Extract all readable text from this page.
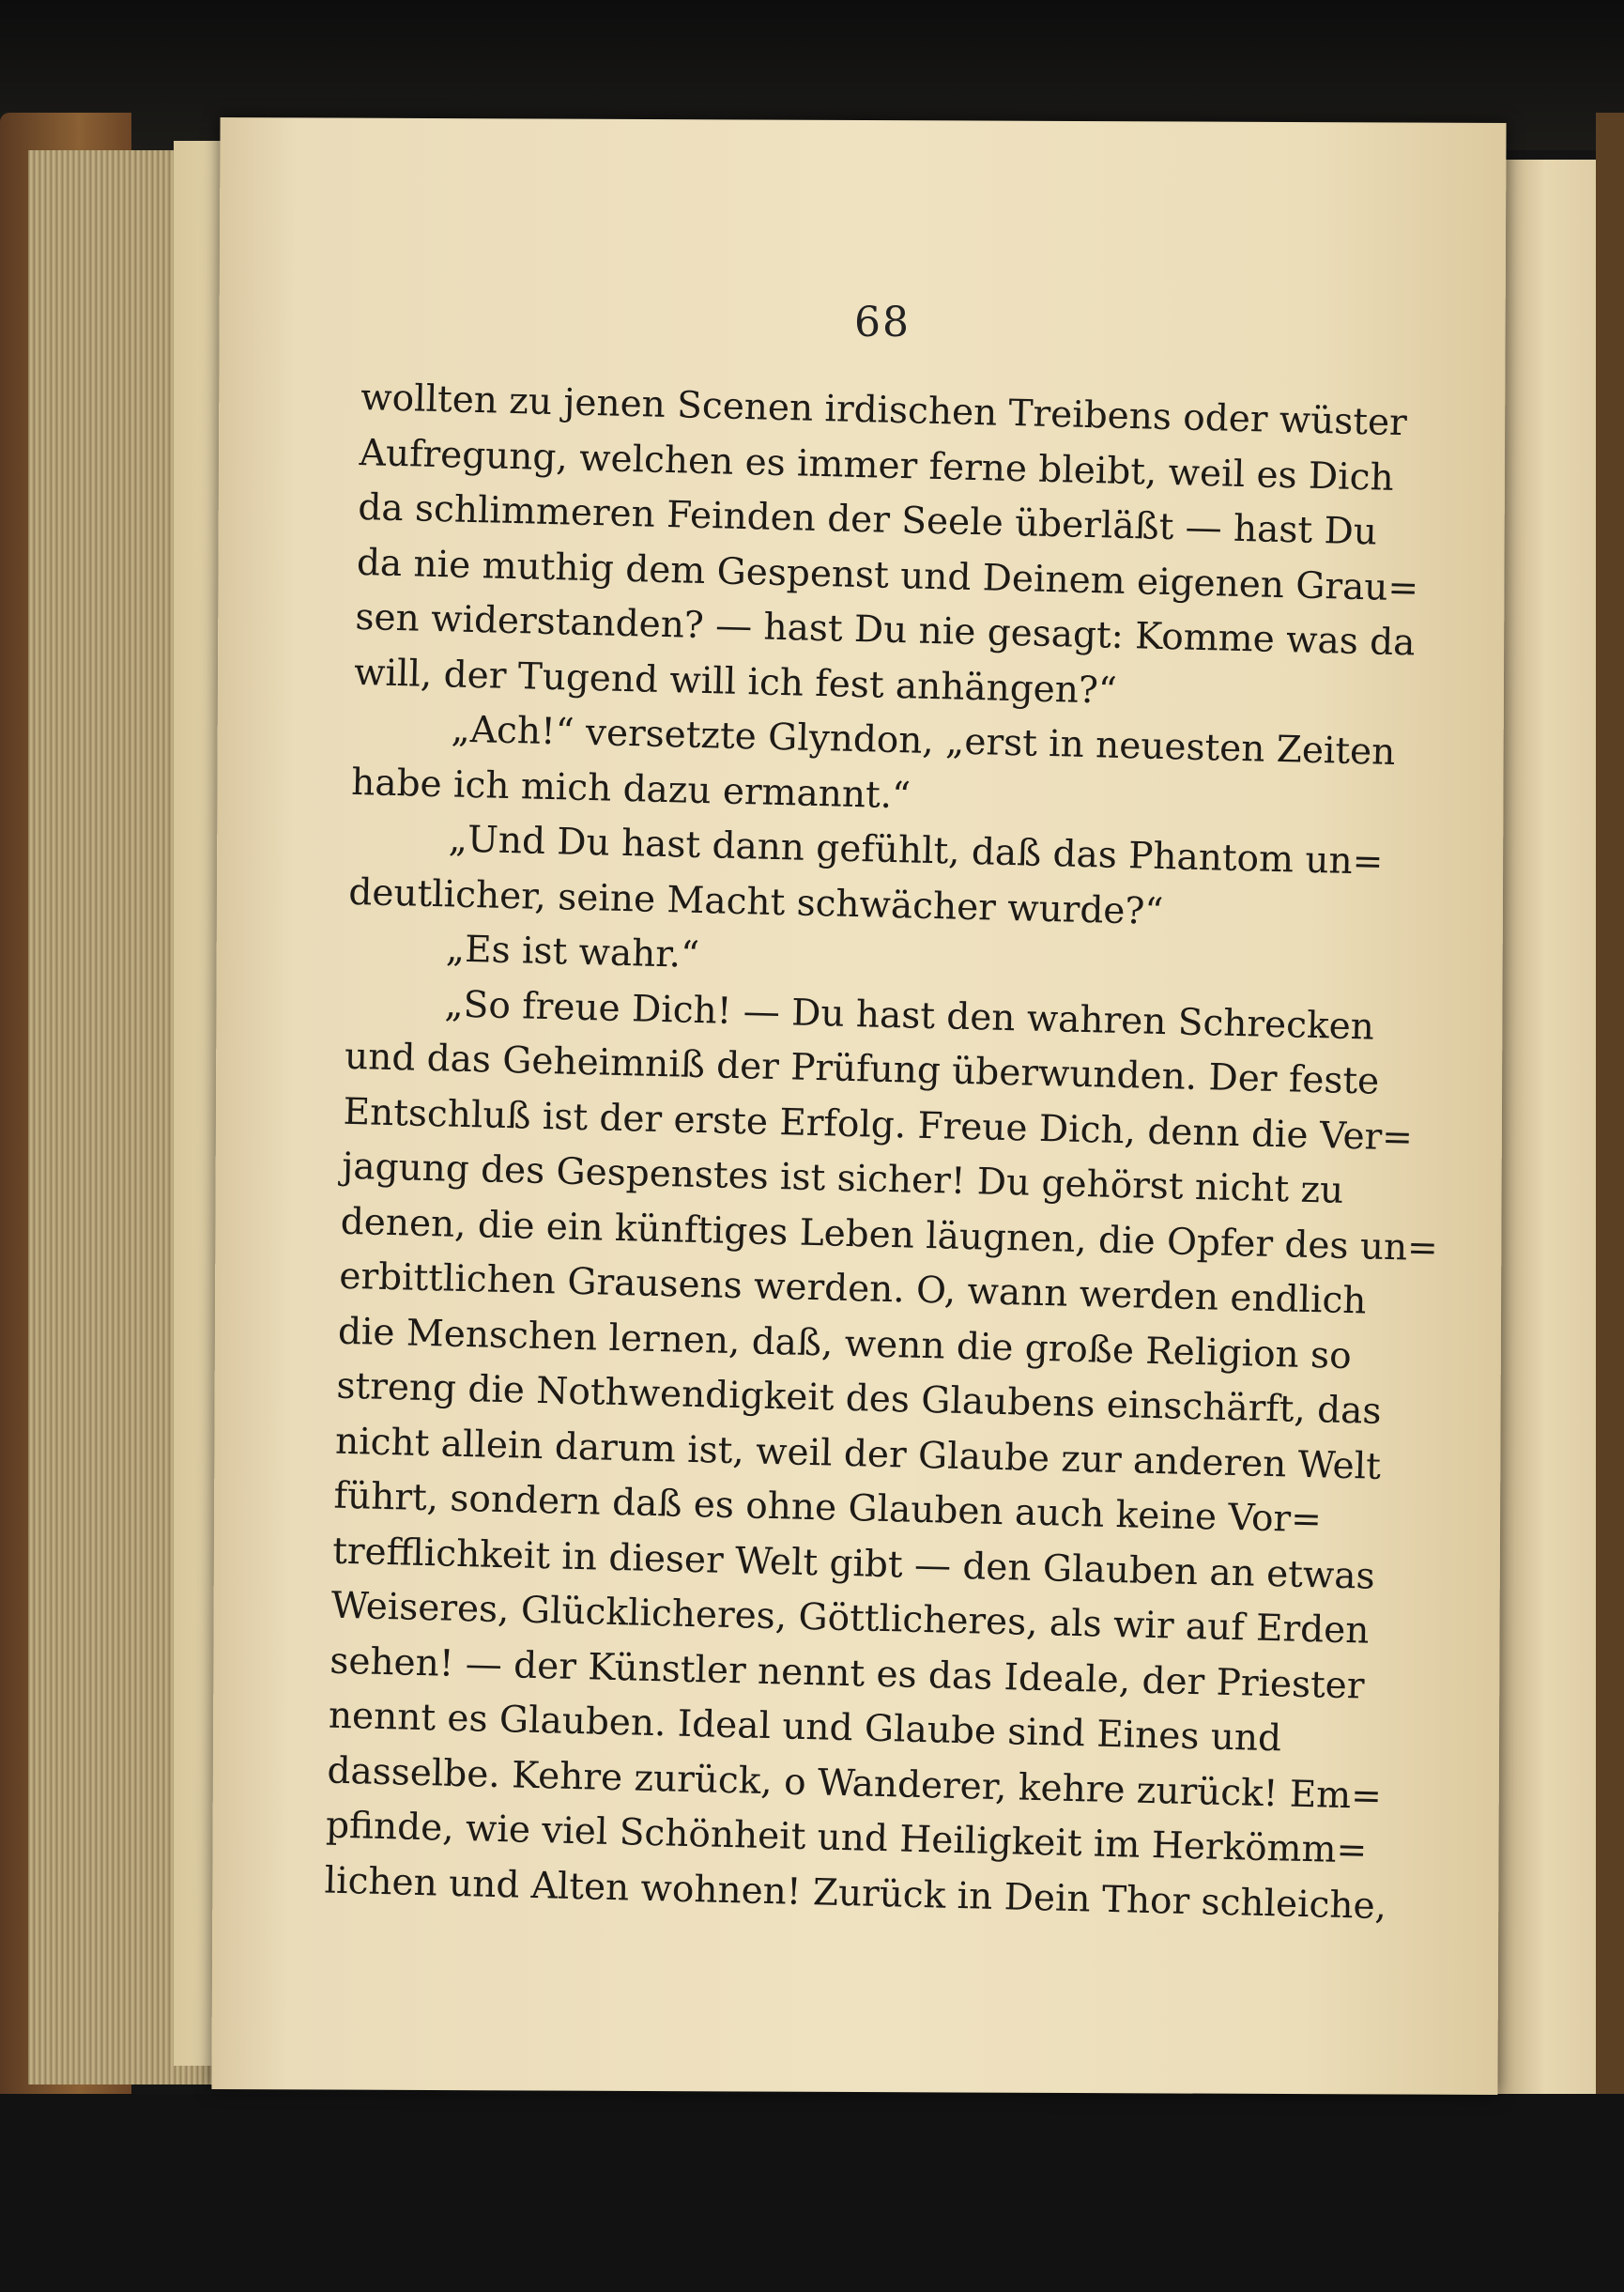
68
wollten zu jenen Scenen irdischen Treibens oder wüster
Aufregung, welchen es immer ferne bleibt, weil es Dich
da schlimmeren Feinden der Seele überläßt — hast Du
da nie muthig dem Gespenst und Deinem eigenen Grau=
sen widerstanden? — hast Du nie gesagt: Komme was da
will, der Tugend will ich fest anhängen?“
„Ach!“ versetzte Glyndon, „erst in neuesten Zeiten
habe ich mich dazu ermannt.“
„Und Du hast dann gefühlt, daß das Phantom un=
deutlicher, seine Macht schwächer wurde?“
„Es ist wahr.“
„So freue Dich! — Du hast den wahren Schrecken
und das Geheimniß der Prüfung überwunden. Der feste
Entschluß ist der erste Erfolg. Freue Dich, denn die Ver=
jagung des Gespenstes ist sicher! Du gehörst nicht zu
denen, die ein künftiges Leben läugnen, die Opfer des un=
erbittlichen Grausens werden. O, wann werden endlich
die Menschen lernen, daß, wenn die große Religion so
streng die Nothwendigkeit des Glaubens einschärft, das
nicht allein darum ist, weil der Glaube zur anderen Welt
führt, sondern daß es ohne Glauben auch keine Vor=
trefflichkeit in dieser Welt gibt — den Glauben an etwas
Weiseres, Glücklicheres, Göttlicheres, als wir auf Erden
sehen! — der Künstler nennt es das Ideale, der Priester
nennt es Glauben. Ideal und Glaube sind Eines und
dasselbe. Kehre zurück, o Wanderer, kehre zurück! Em=
pfinde, wie viel Schönheit und Heiligkeit im Herkömm=
lichen und Alten wohnen! Zurück in Dein Thor schleiche,
